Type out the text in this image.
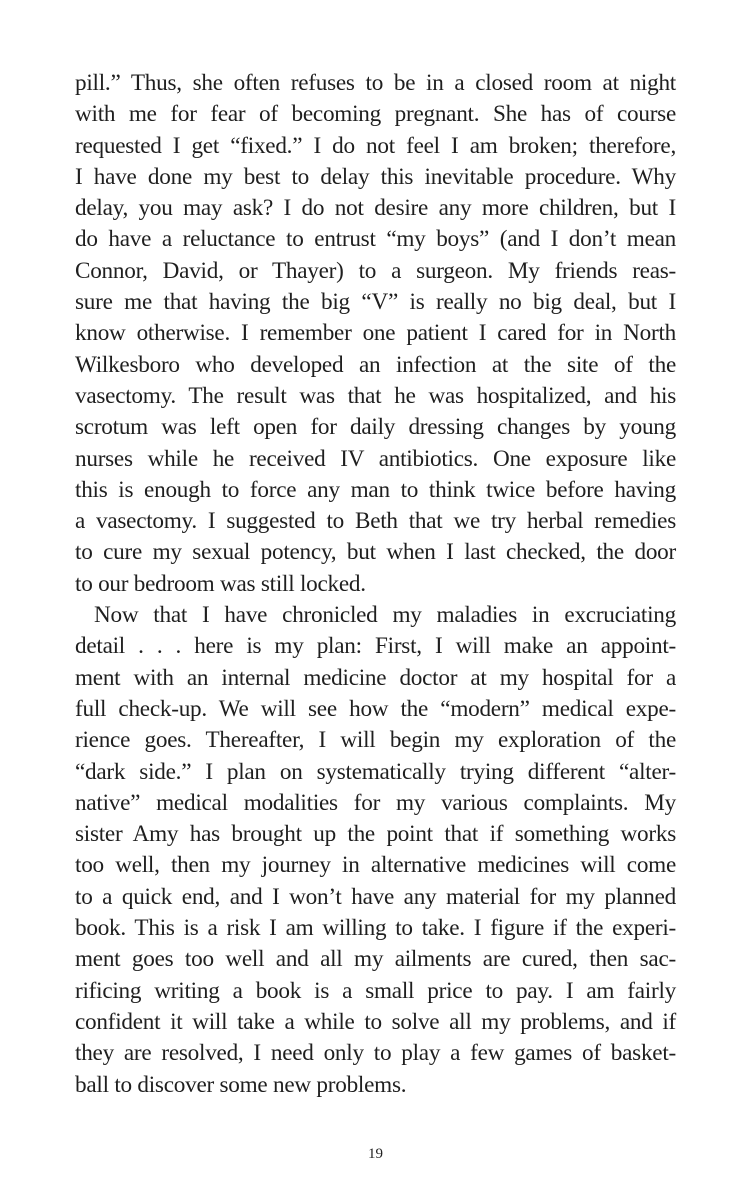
pill.” Thus, she often refuses to be in a closed room at night
with me for fear of becoming pregnant. She has of course
requested I get “fixed.” I do not feel I am broken; therefore,
I have done my best to delay this inevitable procedure. Why
delay, you may ask? I do not desire any more children, but I
do have a reluctance to entrust “my boys” (and I don’t mean
Connor, David, or Thayer) to a surgeon. My friends reas-
sure me that having the big “V” is really no big deal, but I
know otherwise. I remember one patient I cared for in North
Wilkesboro who developed an infection at the site of the
vasectomy. The result was that he was hospitalized, and his
scrotum was left open for daily dressing changes by young
nurses while he received IV antibiotics. One exposure like
this is enough to force any man to think twice before having
a vasectomy. I suggested to Beth that we try herbal remedies
to cure my sexual potency, but when I last checked, the door
to our bedroom was still locked.
Now that I have chronicled my maladies in excruciating
detail . . . here is my plan: First, I will make an appoint-
ment with an internal medicine doctor at my hospital for a
full check-up. We will see how the “modern” medical expe-
rience goes. Thereafter, I will begin my exploration of the
“dark side.” I plan on systematically trying different “alter-
native” medical modalities for my various complaints. My
sister Amy has brought up the point that if something works
too well, then my journey in alternative medicines will come
to a quick end, and I won’t have any material for my planned
book. This is a risk I am willing to take. I figure if the experi-
ment goes too well and all my ailments are cured, then sac-
rificing writing a book is a small price to pay. I am fairly
confident it will take a while to solve all my problems, and if
they are resolved, I need only to play a few games of basket-
ball to discover some new problems.
19
